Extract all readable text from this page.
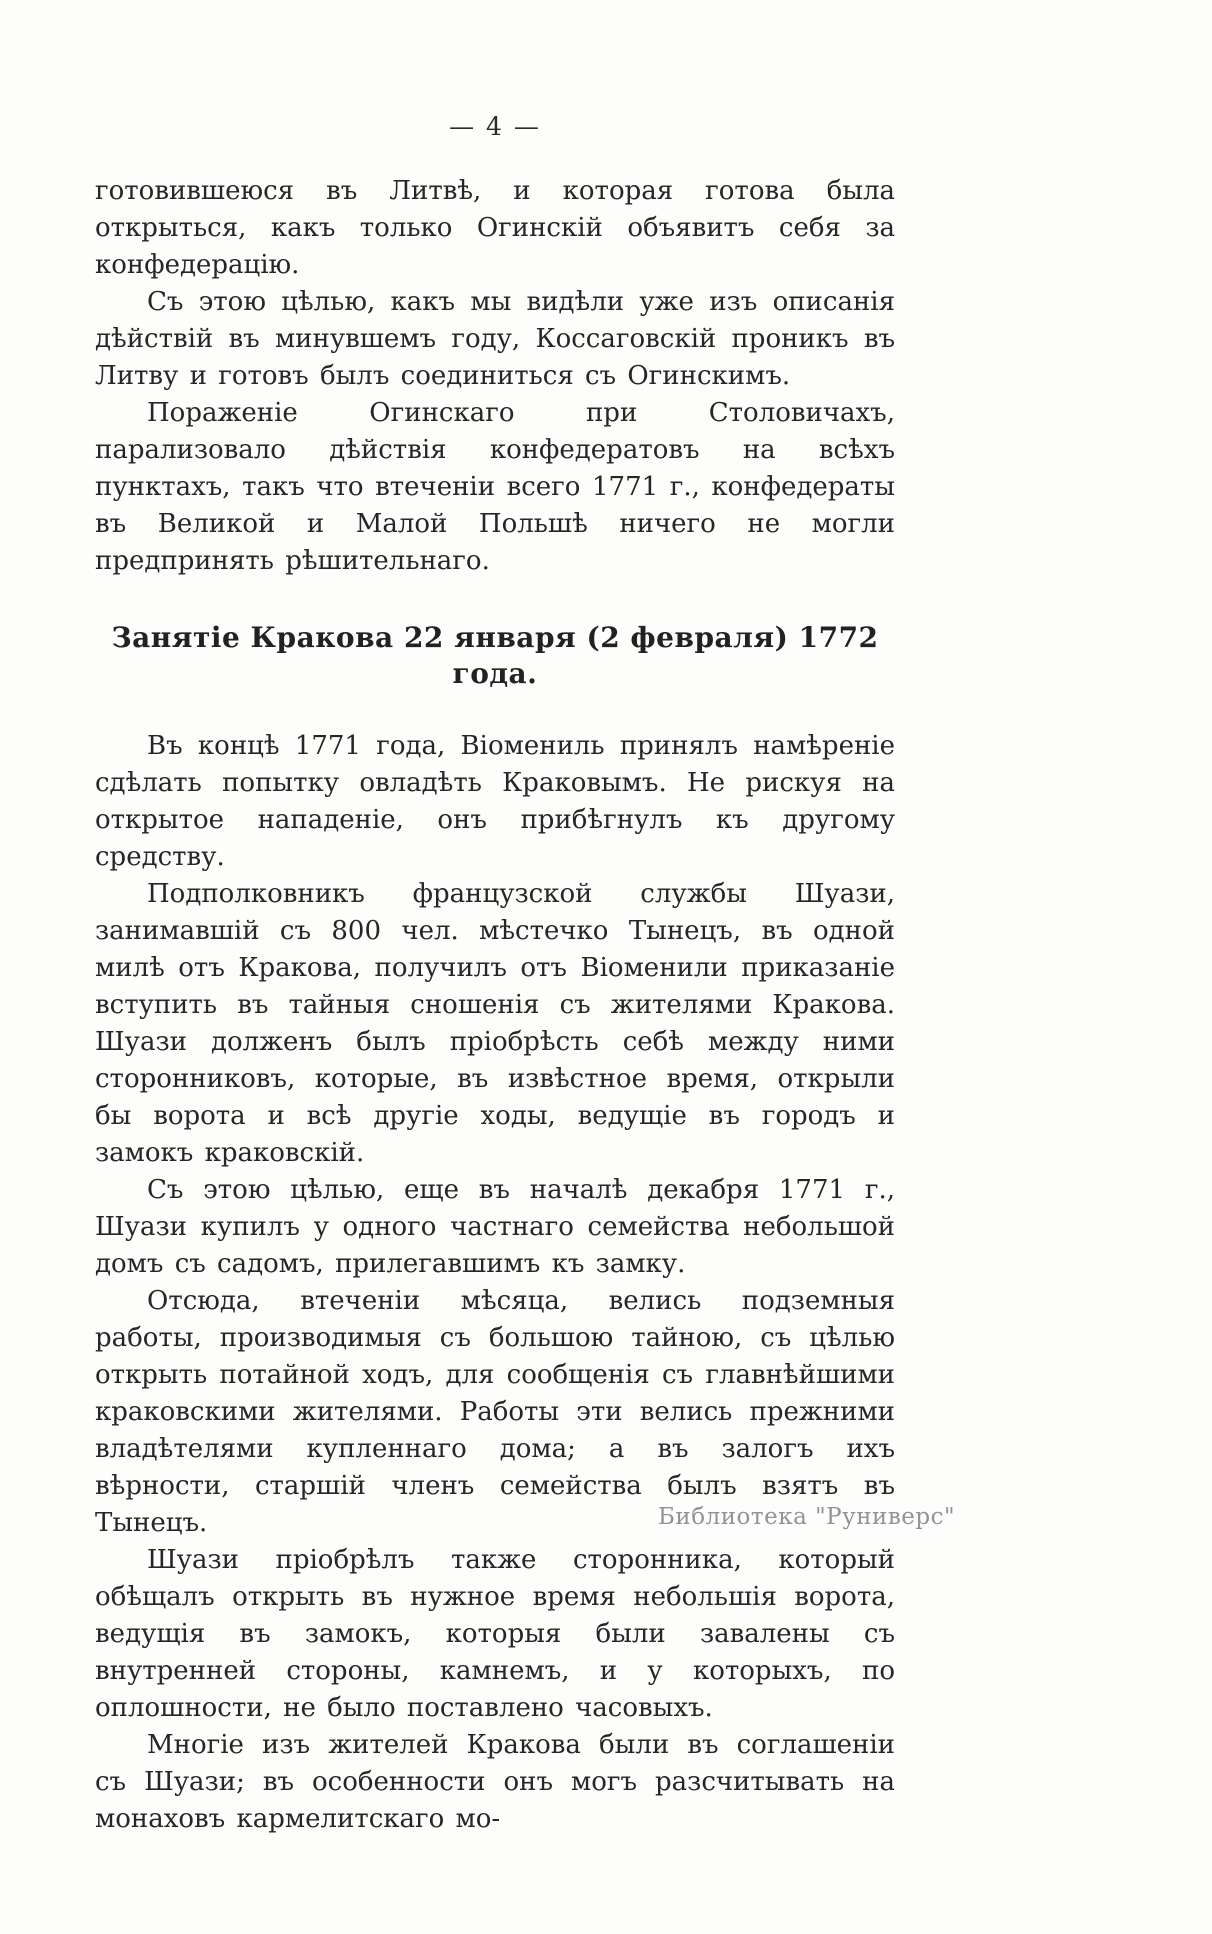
— 4 —

готовившеюся въ Литвѣ, и которая готова была открыться, какъ только Огинскій объявитъ себя за конфедерацію.

Съ этою цѣлью, какъ мы видѣли уже изъ описанія дѣйствій въ минувшемъ году, Коссаговскій проникъ въ Литву и готовъ былъ соединиться съ Огинскимъ.

Пораженіе Огинскаго при Столовичахъ, парализовало дѣйствія конфедератовъ на всѣхъ пунктахъ, такъ что втеченіи всего 1771 г., конфедераты въ Великой и Малой Польшѣ ничего не могли предпринять рѣшительнаго.

Занятіе Кракова 22 января (2 февраля) 1772 года.

Въ концѣ 1771 года, Віомениль принялъ намѣреніе сдѣлать попытку овладѣть Краковымъ. Не рискуя на открытое нападеніе, онъ прибѣгнулъ къ другому средству.

Подполковникъ французской службы Шуази, занимавшій съ 800 чел. мѣстечко Тынецъ, въ одной милѣ отъ Кракова, получилъ отъ Віоменили приказаніе вступить въ тайныя сношенія съ жителями Кракова. Шуази долженъ былъ пріобрѣсть себѣ между ними сторонниковъ, которые, въ извѣстное время, открыли бы ворота и всѣ другіе ходы, ведущіе въ городъ и замокъ краковскій.

Съ этою цѣлью, еще въ началѣ декабря 1771 г., Шуази купилъ у одного частнаго семейства небольшой домъ съ садомъ, прилегавшимъ къ замку.

Отсюда, втеченіи мѣсяца, велись подземныя работы, производимыя съ большою тайною, съ цѣлью открыть потайной ходъ, для сообщенія съ главнѣйшими краковскими жителями. Работы эти велись прежними владѣтелями купленнаго дома; а въ залогъ ихъ вѣрности, старшій членъ семейства былъ взятъ въ Тынецъ.

Шуази пріобрѣлъ также сторонника, который обѣщалъ открыть въ нужное время небольшія ворота, ведущія въ замокъ, которыя были завалены съ внутренней стороны, камнемъ, и у которыхъ, по оплошности, не было поставлено часовыхъ.

Многіе изъ жителей Кракова были въ соглашеніи съ Шуази; въ особенности онъ могъ разсчитывать на монаховъ кармелитскаго мо-

Библиотека "Руниверс"
